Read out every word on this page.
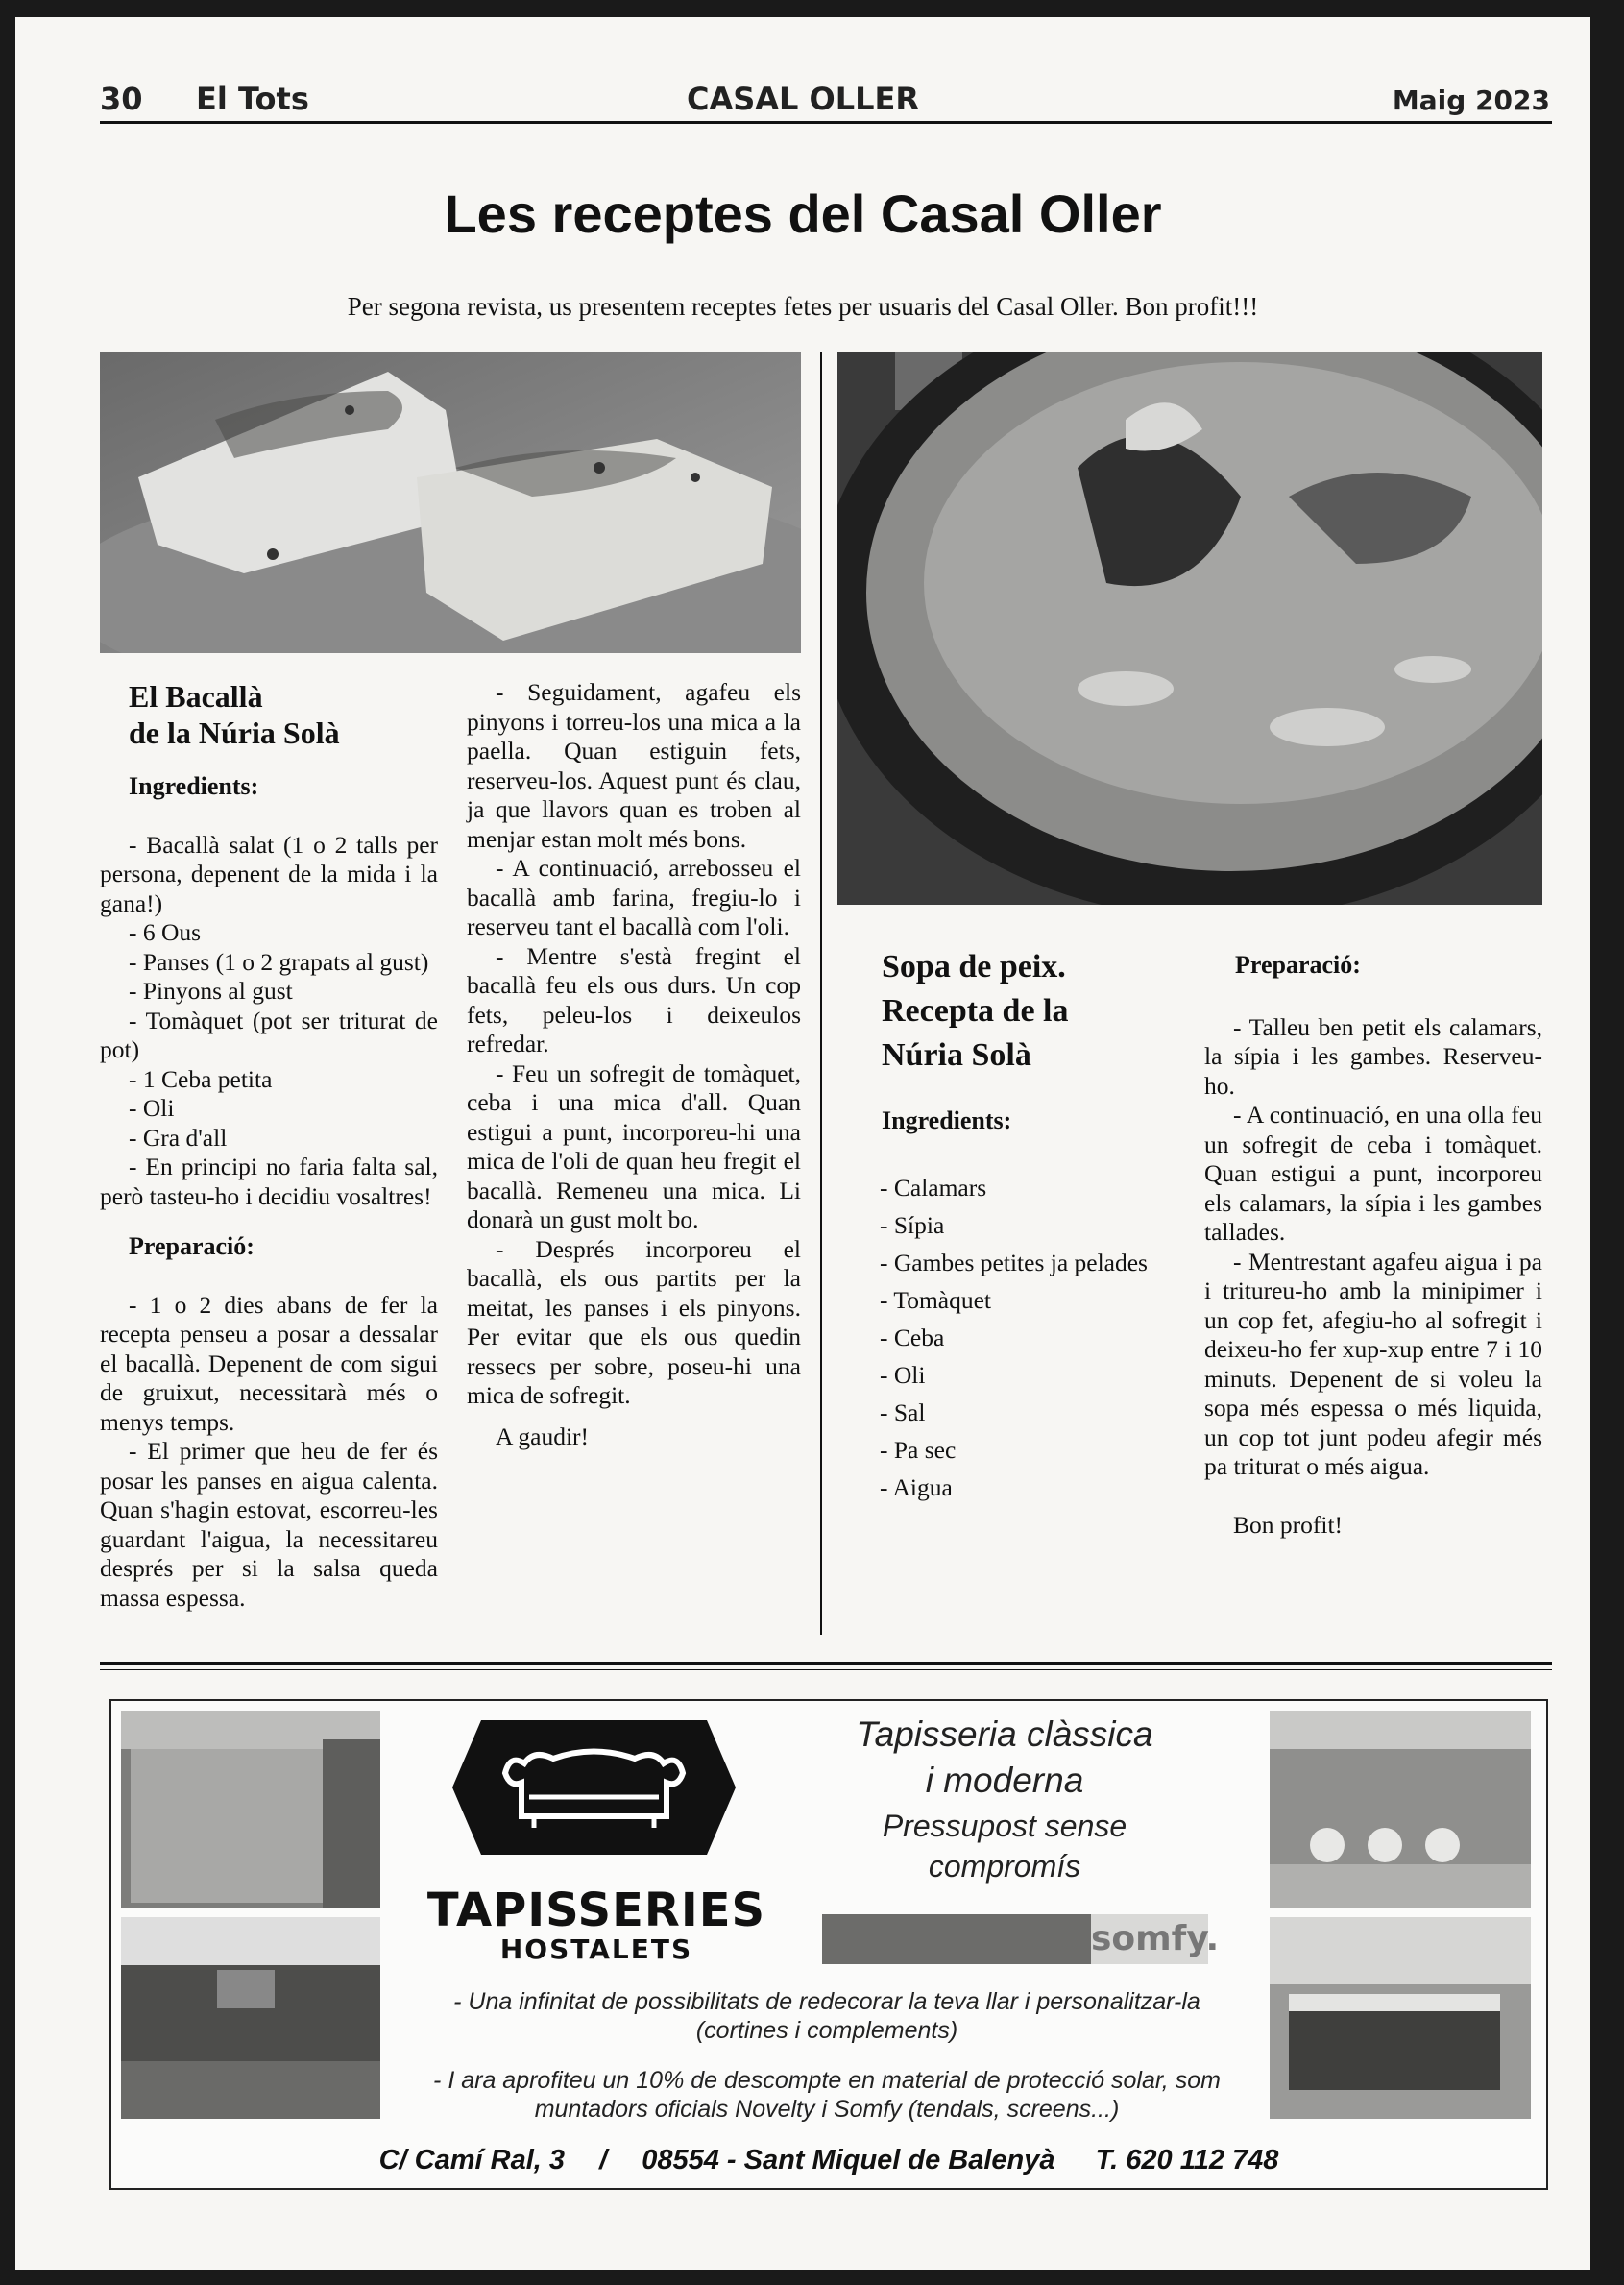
30 El Tots	CASAL OLLER	Maig 2023
Les receptes del Casal Oller
Per segona revista, us presentem receptes fetes per usuaris del Casal Oller. Bon profit!!!
El Bacallà
de la Núria Solà
Ingredients:

- Bacallà salat (1 o 2 talls per persona, depenent de la mida i la gana!)

- 6 Ous

- Panses (1 o 2 grapats al gust)

- Pinyons al gust

- Tomàquet (pot ser triturat de pot)

- 1 Ceba petita

- Oli

- Gra d'all

- En principi no faria falta sal, però tasteu-ho i decidiu vosaltres!

Preparació:

- 1 o 2 dies abans de fer la recepta penseu a posar a dessalar el bacallà. Depenent de com sigui de gruixut, necessitarà més o menys temps.

- El primer que heu de fer és posar les panses en aigua calenta. Quan s'hagin estovat, escorreu-les guardant l'aigua, la necessitareu després per si la salsa queda massa espessa.

- Seguidament, agafeu els pinyons i torreu-los una mica a la paella. Quan estiguin fets, reserveu-los. Aquest punt és clau, ja que llavors quan es troben al menjar estan molt més bons.

- A continuació, arrebosseu el bacallà amb farina, fregiu-lo i reserveu tant el bacallà com l'oli.

- Mentre s'està fregint el bacallà feu els ous durs. Un cop fets, peleu-los i deixeulos refredar.

- Feu un sofregit de tomàquet, ceba i una mica d'all. Quan estigui a punt, incorporeu-hi una mica de l'oli de quan heu fregit el bacallà. Remeneu una mica. Li donarà un gust molt bo.

- Després incorporeu el bacallà, els ous partits per la meitat, les panses i els pinyons. Per evitar que els ous quedin ressecs per sobre, poseu-hi una mica de sofregit.

A gaudir!

Sopa de peix.
Recepta de la
Núria Solà
Ingredients:

- Calamars

- Sípia

- Gambes petites ja pelades

- Tomàquet

- Ceba

- Oli

- Sal

- Pa sec

- Aigua

Preparació:

- Talleu ben petit els calamars, la sípia i les gambes. Reserveu-ho.

- A continuació, en una olla feu un sofregit de ceba i tomàquet. Quan estigui a punt, incorporeu els calamars, la sípia i les gambes tallades.

- Mentrestant agafeu aigua i pa i tritureu-ho amb la minipimer i un cop fet, afegiu-ho al sofregit i deixeu-ho fer xup-xup entre 7 i 10 minuts. Depenent de si voleu la sopa més espessa o més liquida, un cop tot junt podeu afegir més pa triturat o més aigua.

Bon profit!

TAPISSERIES
HOSTALETS
Tapisseria clàssica
i moderna
Pressupost sense
compromís
somfy.
- Una infinitat de possibilitats de redecorar la teva llar i personalitzar-la (cortines i complements)
- I ara aprofiteu un 10% de descompte en material de protecció solar, som muntadors oficials Novelty i Somfy (tendals, screens...)
C/ Camí Ral, 3 / 08554 - Sant Miquel de Balenyà T. 620 112 748
